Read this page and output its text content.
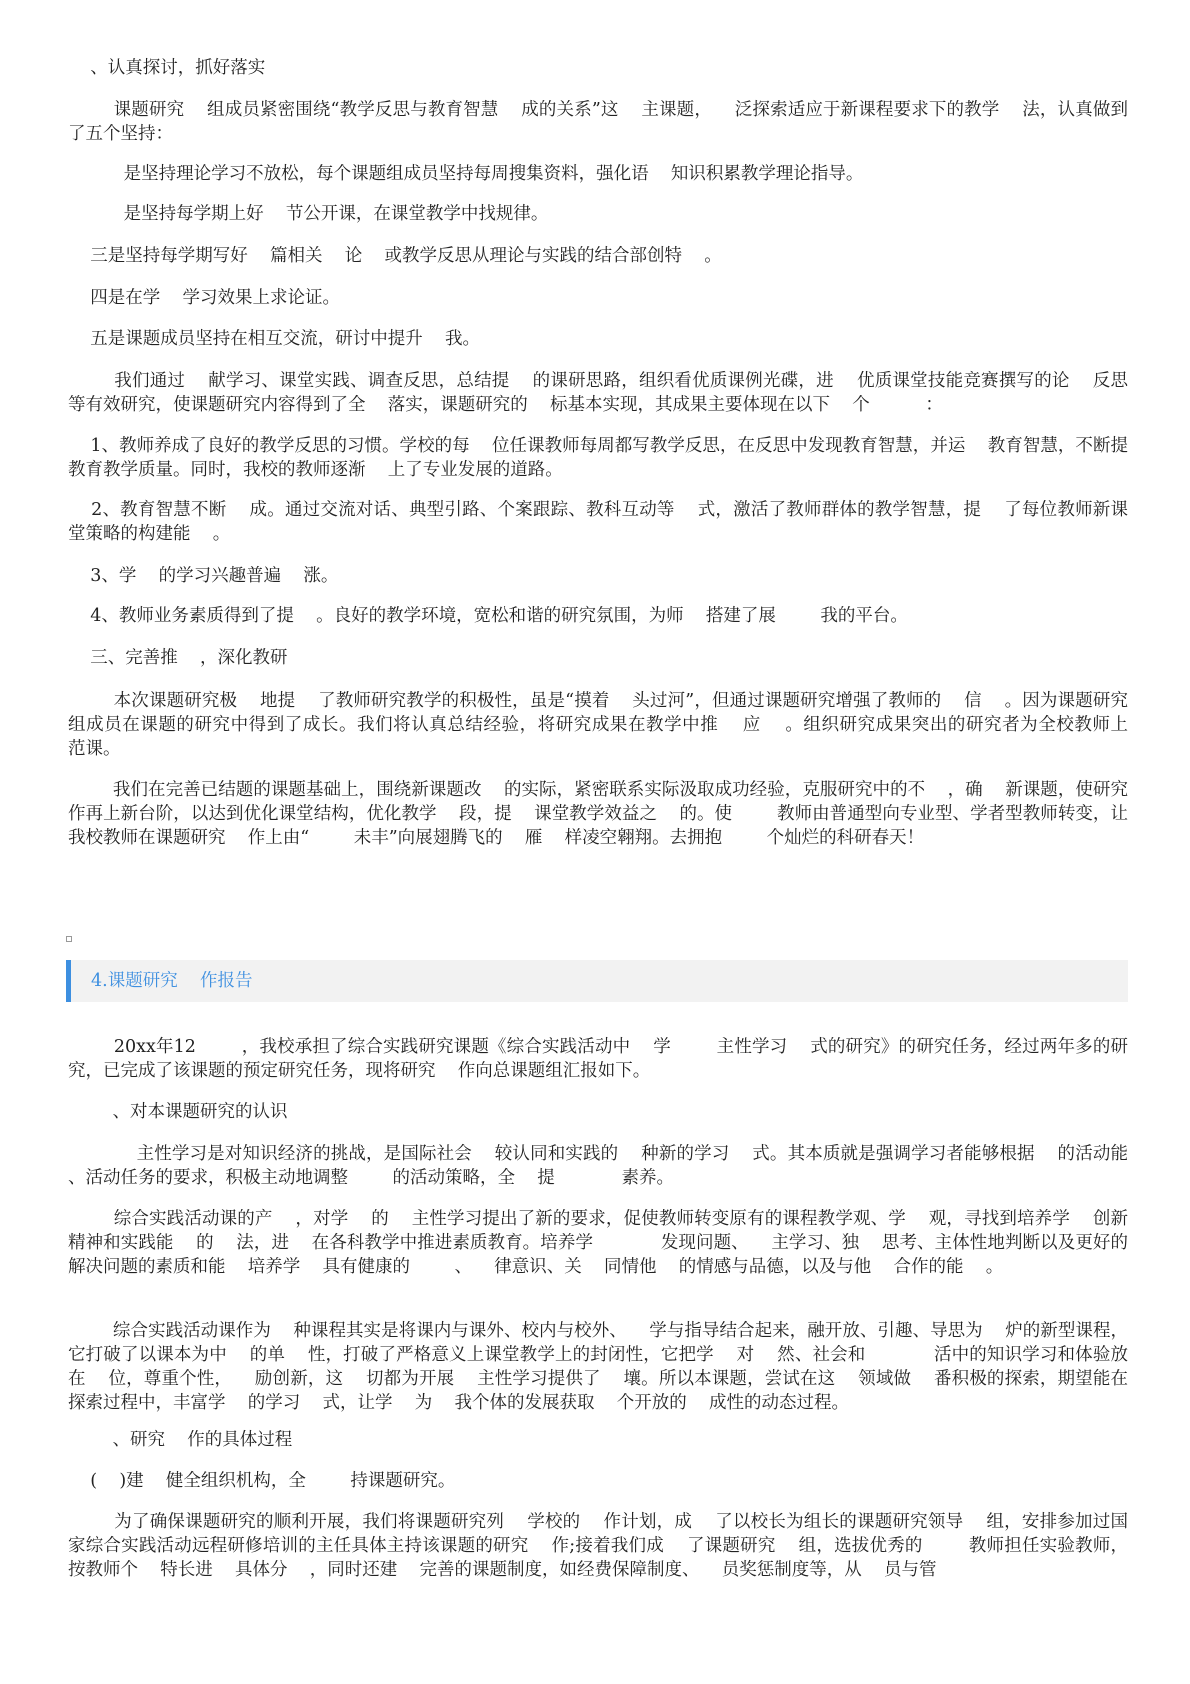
、认真探讨，抓好落实

课题研究    组成员紧密围绕“教学反思与教育智慧    成的关系”这    主课题，    泛探索适应于新课程要求下的教学    法，认真做到了五个坚持：

是坚持理论学习不放松，每个课题组成员坚持每周搜集资料，强化语    知识积累教学理论指导。

是坚持每学期上好    节公开课，在课堂教学中找规律。

三是坚持每学期写好    篇相关    论    或教学反思从理论与实践的结合部创特    。

四是在学    学习效果上求论证。

五是课题成员坚持在相互交流，研讨中提升    我。

我们通过    献学习、课堂实践、调查反思，总结提    的课研思路，组织看优质课例光碟，进    优质课堂技能竞赛撰写的论    反思等有效研究，使课题研究内容得到了全    落实，课题研究的    标基本实现，其成果主要体现在以下    个          ：

1、教师养成了良好的教学反思的习惯。学校的每    位任课教师每周都写教学反思，在反思中发现教育智慧，并运    教育智慧，不断提    教育教学质量。同时，我校的教师逐渐    上了专业发展的道路。

2、教育智慧不断    成。通过交流对话、典型引路、个案跟踪、教科互动等    式，激活了教师群体的教学智慧，提    了每位教师新课堂策略的构建能    。

3、学    的学习兴趣普遍    涨。

4、教师业务素质得到了提    。良好的教学环境，宽松和谐的研究氛围，为师    搭建了展        我的平台。

三、完善推    ，深化教研

本次课题研究极    地提    了教师研究教学的积极性，虽是“摸着    头过河”，但通过课题研究增强了教师的    信    。因为课题研究组成员在课题的研究中得到了成长。我们将认真总结经验，将研究成果在教学中推    应    。组织研究成果突出的研究者为全校教师上    范课。

我们在完善已结题的课题基础上，围绕新课题改    的实际，紧密联系实际汲取成功经验，克服研究中的不    ，确    新课题，使研究    作再上新台阶，以达到优化课堂结构，优化教学    段，提    课堂教学效益之    的。使        教师由普通型向专业型、学者型教师转变，让我校教师在课题研究    作上由“        未丰”向展翅腾飞的    雁    样凌空翱翔。去拥抱        个灿烂的科研春天！

4.课题研究    作报告

20xx年12        ，我校承担了综合实践研究课题《综合实践活动中    学        主性学习    式的研究》的研究任务，经过两年多的研究，已完成了该课题的预定研究任务，现将研究    作向总课题组汇报如下。

、对本课题研究的认识

主性学习是对知识经济的挑战，是国际社会    较认同和实践的    种新的学习    式。其本质就是强调学习者能够根据    的活动能    、活动任务的要求，积极主动地调整        的活动策略，全    提            素养。

综合实践活动课的产    ，对学    的    主性学习提出了新的要求，促使教师转变原有的课程教学观、学    观，寻找到培养学    创新精神和实践能    的    法，进    在各科教学中推进素质教育。培养学            发现问题、    主学习、独    思考、主体性地判断以及更好的解决问题的素质和能    培养学    具有健康的        、    律意识、关    同情他    的情感与品德，以及与他    合作的能    。

综合实践活动课作为    种课程其实是将课内与课外、校内与校外、    学与指导结合起来，融开放、引趣、导思为    炉的新型课程，它打破了以课本为中    的单    性，打破了严格意义上课堂教学上的封闭性，它把学    对    然、社会和            活中的知识学习和体验放在    位，尊重个性，    励创新，这    切都为开展    主性学习提供了    壤。所以本课题，尝试在这    领域做    番积极的探索，期望能在探索过程中，丰富学    的学习    式，让学    为    我个体的发展获取    个开放的    成性的动态过程。

、研究    作的具体过程

(    )建    健全组织机构，全        持课题研究。

为了确保课题研究的顺利开展，我们将课题研究列    学校的    作计划，成    了以校长为组长的课题研究领导    组，安排参加过国家综合实践活动远程研修培训的主任具体主持该课题的研究    作;接着我们成    了课题研究    组，选拔优秀的        教师担任实验教师，按教师个    特长进    具体分    ，同时还建    完善的课题制度，如经费保障制度、    员奖惩制度等，从    员与管
